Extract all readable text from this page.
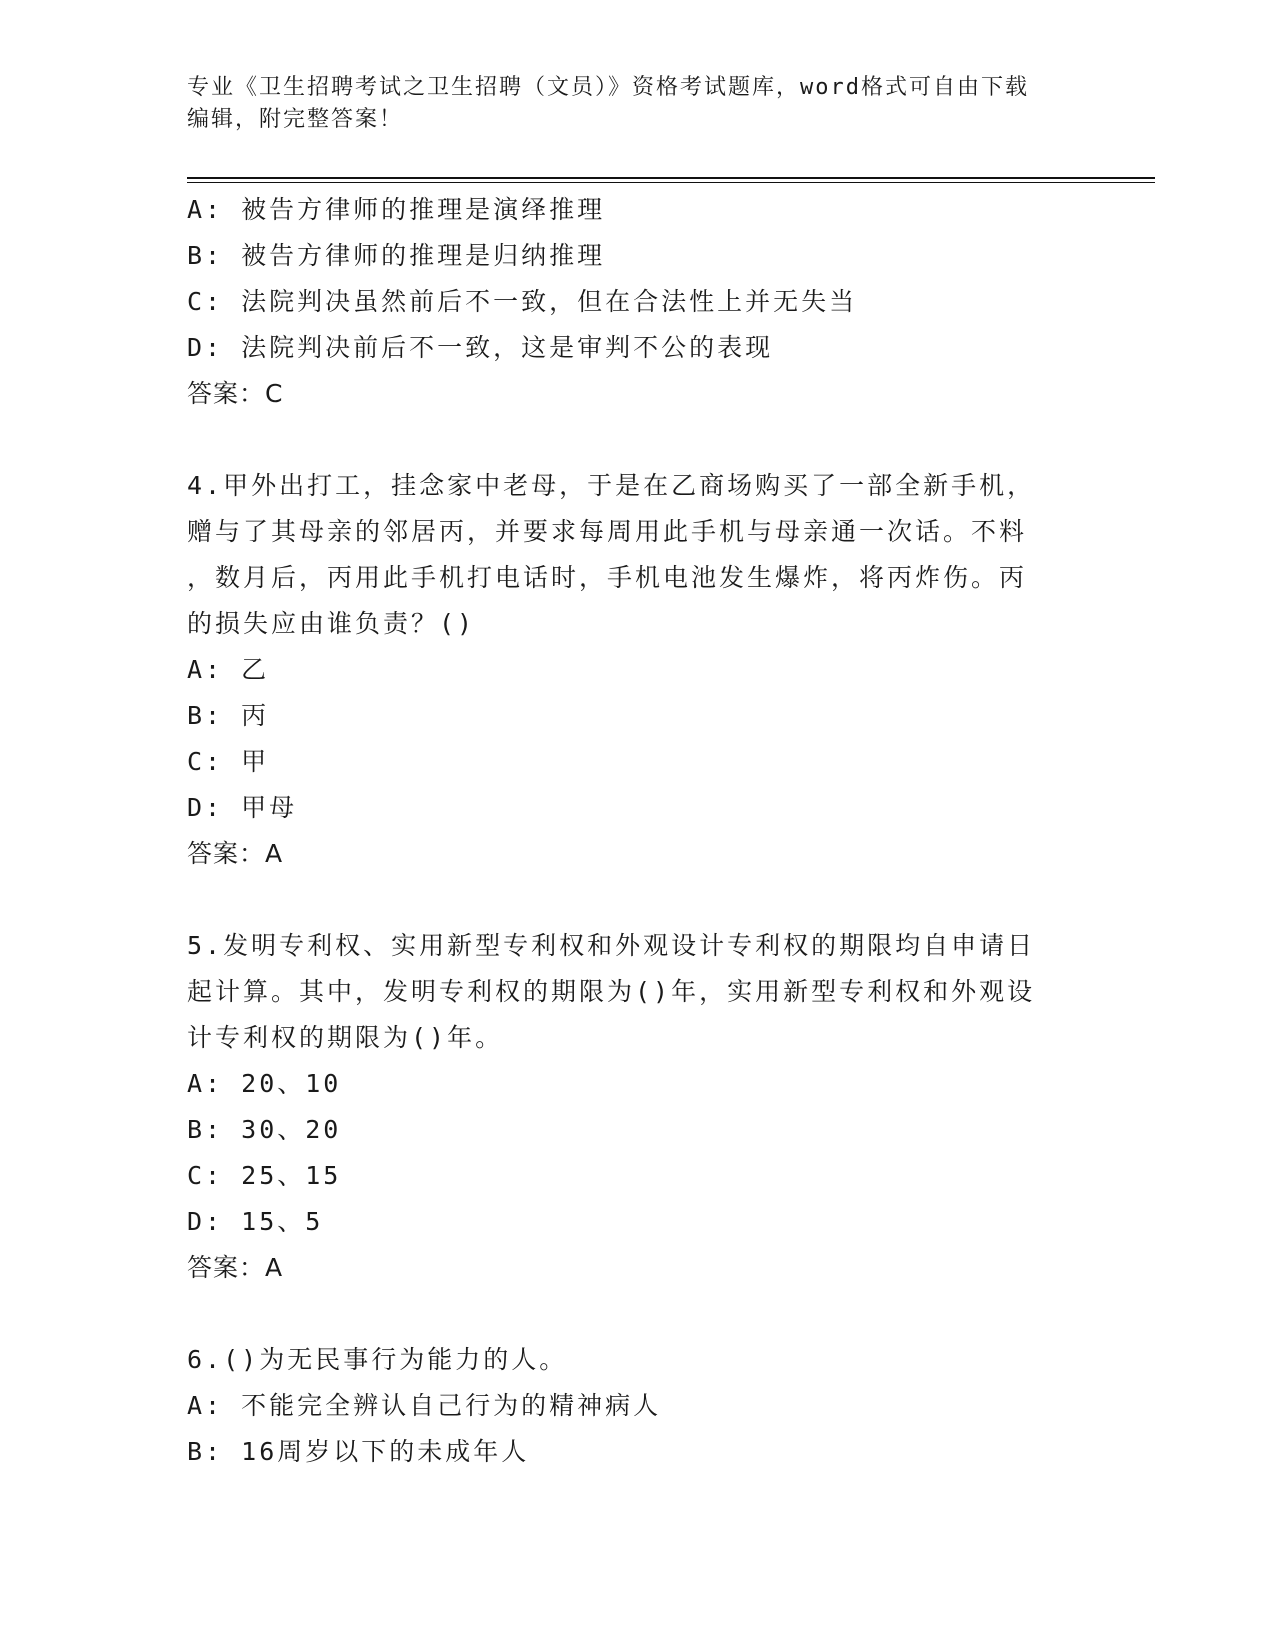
专业《卫生招聘考试之卫生招聘（文员）》资格考试题库，word格式可自由下载
编辑，附完整答案！
A: 被告方律师的推理是演绎推理
B: 被告方律师的推理是归纳推理
C: 法院判决虽然前后不一致，但在合法性上并无失当
D: 法院判决前后不一致，这是审判不公的表现
答案：C
4.甲外出打工，挂念家中老母，于是在乙商场购买了一部全新手机，
赠与了其母亲的邻居丙，并要求每周用此手机与母亲通一次话。不料
，数月后，丙用此手机打电话时，手机电池发生爆炸，将丙炸伤。丙
的损失应由谁负责？()
A: 乙
B: 丙
C: 甲
D: 甲母
答案：A
5.发明专利权、实用新型专利权和外观设计专利权的期限均自申请日
起计算。其中，发明专利权的期限为()年，实用新型专利权和外观设
计专利权的期限为()年。
A: 20、10
B: 30、20
C: 25、15
D: 15、5
答案：A
6.()为无民事行为能力的人。
A: 不能完全辨认自己行为的精神病人
B: 16周岁以下的未成年人
